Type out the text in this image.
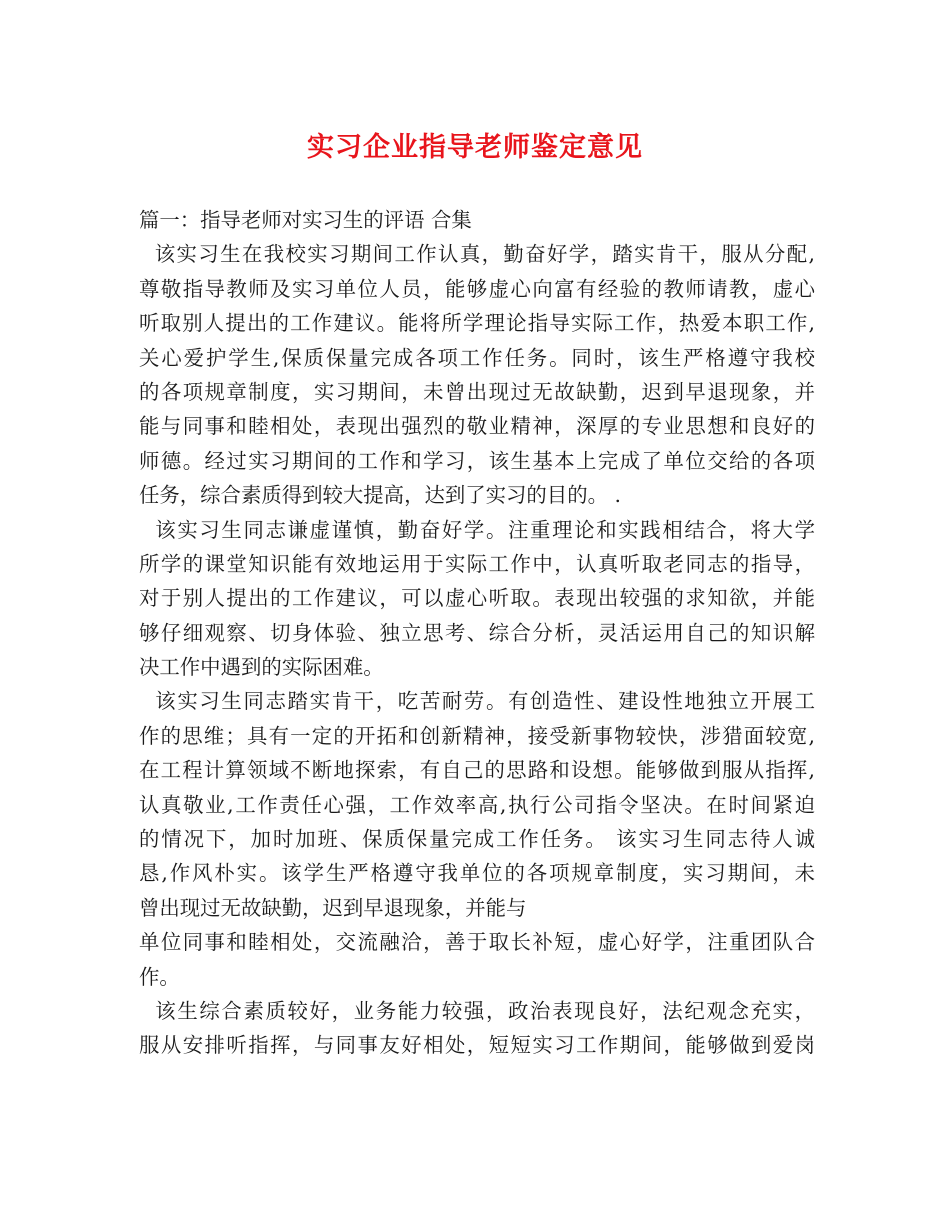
实习企业指导老师鉴定意见
篇一：指导老师对实习生的评语 合集
该实习生在我校实习期间工作认真，勤奋好学，踏实肯干，服从分配,
尊敬指导教师及实习单位人员，能够虚心向富有经验的教师请教，虚心
听取别人提出的工作建议。能将所学理论指导实际工作，热爱本职工作,
关心爱护学生,保质保量完成各项工作任务。同时，该生严格遵守我校
的各项规章制度，实习期间，未曾出现过无故缺勤，迟到早退现象，并
能与同事和睦相处，表现出强烈的敬业精神，深厚的专业思想和良好的
师德。经过实习期间的工作和学习，该生基本上完成了单位交给的各项
任务，综合素质得到较大提高，达到了实习的目的。 .
该实习生同志谦虚谨慎，勤奋好学。注重理论和实践相结合，将大学
所学的课堂知识能有效地运用于实际工作中，认真听取老同志的指导，
对于别人提出的工作建议，可以虚心听取。表现出较强的求知欲，并能
够仔细观察、切身体验、独立思考、综合分析，灵活运用自己的知识解
决工作中遇到的实际困难。
该实习生同志踏实肯干，吃苦耐劳。有创造性、建设性地独立开展工
作的思维；具有一定的开拓和创新精神，接受新事物较快，涉猎面较宽,
在工程计算领域不断地探索，有自己的思路和设想。能够做到服从指挥,
认真敬业,工作责任心强，工作效率高,执行公司指令坚决。在时间紧迫
的情况下，加时加班、保质保量完成工作任务。 该实习生同志待人诚
恳,作风朴实。该学生严格遵守我单位的各项规章制度，实习期间，未
曾出现过无故缺勤，迟到早退现象，并能与
单位同事和睦相处，交流融洽，善于取长补短，虚心好学，注重团队合
作。
该生综合素质较好，业务能力较强，政治表现良好，法纪观念充实，
服从安排听指挥，与同事友好相处，短短实习工作期间，能够做到爱岗
